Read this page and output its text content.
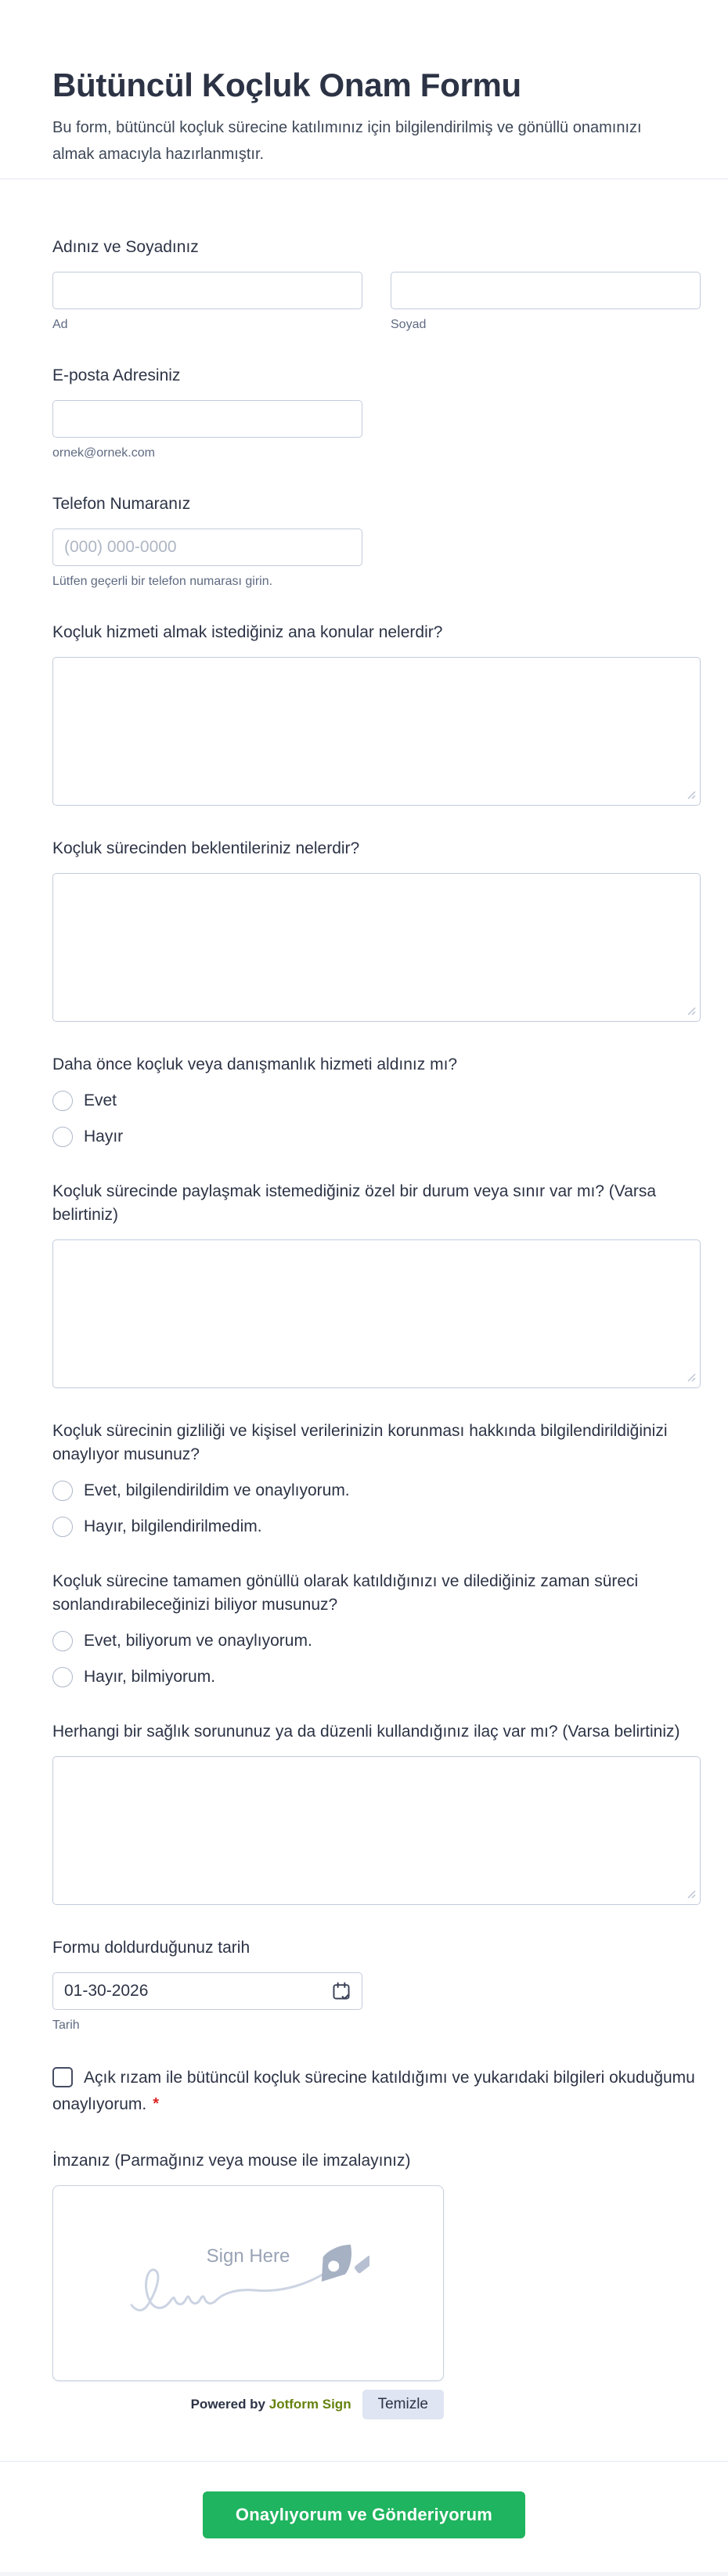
Bütüncül Koçluk Onam Formu

Bu form, bütüncül koçluk sürecine katılımınız için bilgilendirilmiş ve gönüllü onamınızı almak amacıyla hazırlanmıştır.

Adınız ve Soyadınız
Ad	Soyad
E-posta Adresiniz
ornek@ornek.com
Telefon Numaranız
(000) 000-0000
Lütfen geçerli bir telefon numarası girin.
Koçluk hizmeti almak istediğiniz ana konular nelerdir?
Koçluk sürecinden beklentileriniz nelerdir?
Daha önce koçluk veya danışmanlık hizmeti aldınız mı?
Evet
Hayır
Koçluk sürecinde paylaşmak istemediğiniz özel bir durum veya sınır var mı? (Varsa belirtiniz)
Koçluk sürecinin gizliliği ve kişisel verilerinizin korunması hakkında bilgilendirildiğinizi onaylıyor musunuz?
Evet, bilgilendirildim ve onaylıyorum.
Hayır, bilgilendirilmedim.
Koçluk sürecine tamamen gönüllü olarak katıldığınızı ve dilediğiniz zaman süreci sonlandırabileceğinizi biliyor musunuz?
Evet, biliyorum ve onaylıyorum.
Hayır, bilmiyorum.
Herhangi bir sağlık sorununuz ya da düzenli kullandığınız ilaç var mı? (Varsa belirtiniz)
Formu doldurduğunuz tarih
01-30-2026
Tarih
Açık rızam ile bütüncül koçluk sürecine katıldığımı ve yukarıdaki bilgileri okuduğumu onaylıyorum. *
İmzanız (Parmağınız veya mouse ile imzalayınız)
Sign Here
Powered by Jotform Sign	Temizle
Onaylıyorum ve Gönderiyorum
